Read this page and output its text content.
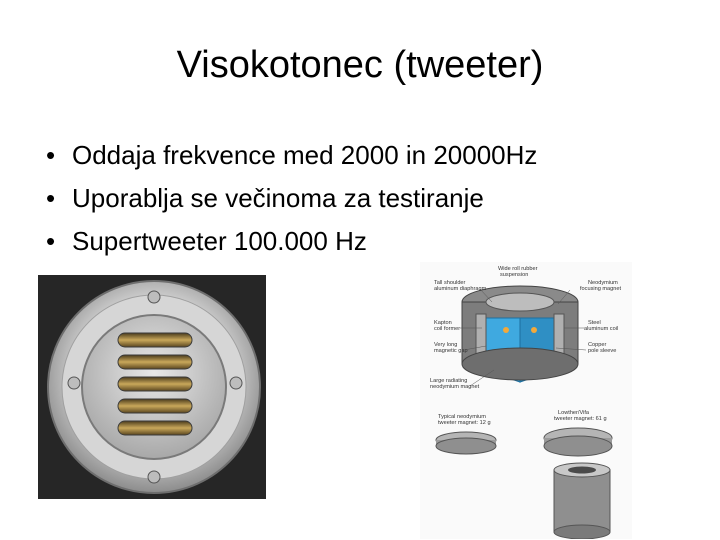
Visokotonec (tweeter)
• Oddaja frekvence med 2000 in 20000Hz
• Uporablja se večinoma za testiranje
• Supertweeter 100.000 Hz
Wide roll rubber suspension
Tall shoulder aluminum diaphragm
Neodymium focusing magnet
Kapton coil former
Steel aluminum coil
Very long magnetic gap
Copper pole sleeve
Large radiating neodymium magnet
Typical neodymium tweeter magnet: 12 g
Lowther/Vifa tweeter magnet: 61 g
